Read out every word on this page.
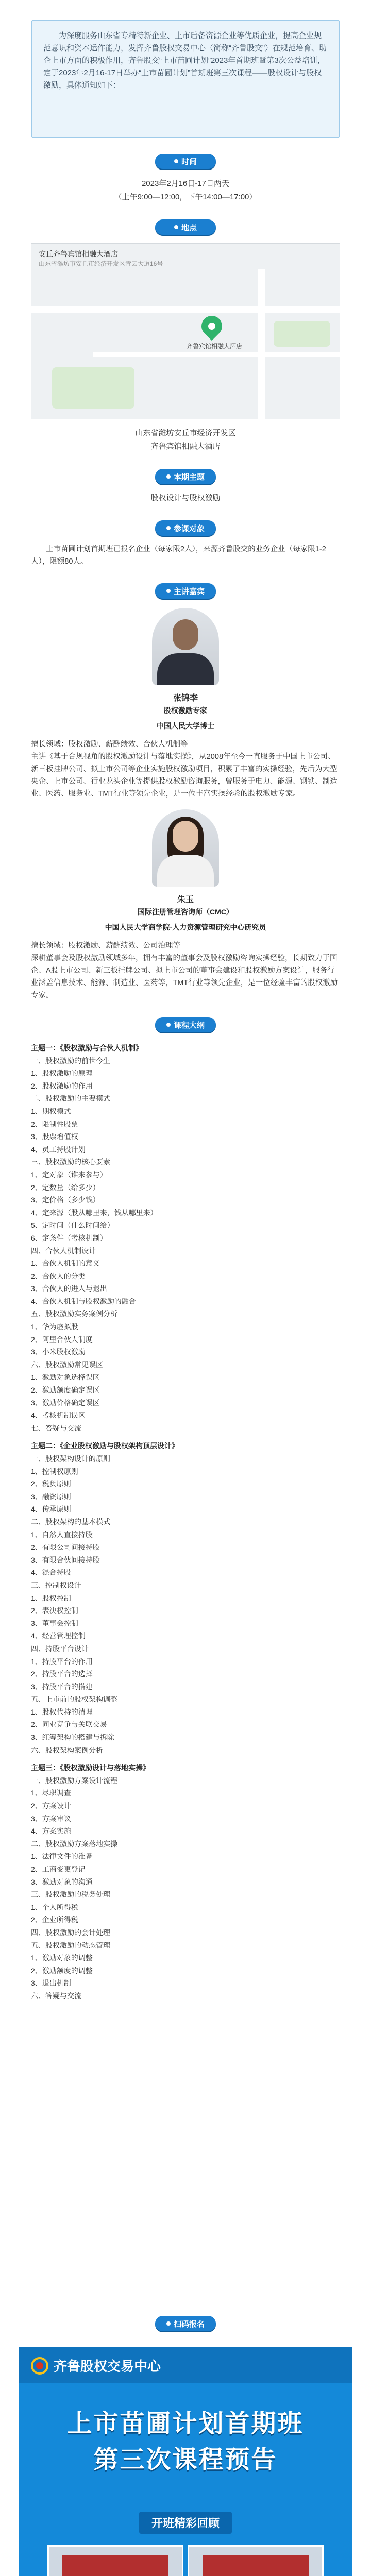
为深度服务山东省专精特新企业、上市后备资源企业等优质企业，提高企业规范意识和资本运作能力，发挥齐鲁股权交易中心（简称“齐鲁股交”）在规范培育、助企上市方面的积极作用，齐鲁股交“上市苗圃计划”2023年首期班暨第3次公益培训，定于2023年2月16-17日举办“上市苗圃计划”首期班第三次课程——股权设计与股权激励，具体通知如下：
时间
2023年2月16日-17日两天
（上午9:00—12:00，下午14:00—17:00）
地点
安丘齐鲁宾馆相融大酒店
山东省潍坊市安丘市经济开发区青云大道16号
齐鲁宾馆相融大酒店
山东省潍坊安丘市经济开发区
齐鲁宾馆相融大酒店
本期主题
股权设计与股权激励
参课对象
上市苗圃计划首期班已报名企业（每家限2人），来源齐鲁股交的业务企业（每家限1-2人），限额80人。
主讲嘉宾
张锦李
股权激励专家
中国人民大学博士
擅长领域：股权激励、薪酬绩效、合伙人机制等
主讲《基于合规视角的股权激励设计与落地实操》，从2008年至今一直服务于中国上市公司、新三板挂牌公司、拟上市公司等企业实施股权激励项目，积累了丰富的实操经验，先后为大型央企、上市公司、行业龙头企业等提供股权激励咨询服务，曾服务于电力、能源、钢铁、制造业、医药、服务业、TMT行业等领先企业，是一位丰富实操经验的股权激励专家。
朱玉
国际注册管理咨询师（CMC）
中国人民大学商学院·人力资源管理研究中心研究员
擅长领域：股权激励、薪酬绩效、公司治理等
深耕董事会及股权激励领域多年，拥有丰富的董事会及股权激励咨询实操经验，长期致力于国企、A股上市公司、新三板挂牌公司、拟上市公司的董事会建设和股权激励方案设计，服务行业涵盖信息技术、能源、制造业、医药等，TMT行业等领先企业，是一位经验丰富的股权激励专家。
课程大纲
主题一：《股权激励与合伙人机制》
一、股权激励的前世今生
1、股权激励的原理
2、股权激励的作用
二、股权激励的主要模式
1、期权模式
2、限制性股票
3、股票增值权
4、员工持股计划
三、股权激励的核心要素
1、定对象（谁来参与）
2、定数量（给多少）
3、定价格（多少钱）
4、定来源（股从哪里来，钱从哪里来）
5、定时间（什么时间给）
6、定条件（考核机制）
四、合伙人机制设计
1、合伙人机制的意义
2、合伙人的分类
3、合伙人的进入与退出
4、合伙人机制与股权激励的融合
五、股权激励实务案例分析
1、华为虚拟股
2、阿里合伙人制度
3、小米股权激励
六、股权激励常见误区
1、激励对象选择误区
2、激励额度确定误区
3、激励价格确定误区
4、考核机制误区
七、答疑与交流
主题二：《企业股权激励与股权架构顶层设计》
一、股权架构设计的原则
1、控制权原则
2、税负原则
3、融资原则
4、传承原则
二、股权架构的基本模式
1、自然人直接持股
2、有限公司间接持股
3、有限合伙间接持股
4、混合持股
三、控制权设计
1、股权控制
2、表决权控制
3、董事会控制
4、经营管理控制
四、持股平台设计
1、持股平台的作用
2、持股平台的选择
3、持股平台的搭建
五、上市前的股权架构调整
1、股权代持的清理
2、同业竞争与关联交易
3、红筹架构的搭建与拆除
六、股权架构案例分析
主题三：《股权激励设计与落地实操》
一、股权激励方案设计流程
1、尽职调查
2、方案设计
3、方案审议
4、方案实施
二、股权激励方案落地实操
1、法律文件的准备
2、工商变更登记
3、激励对象的沟通
三、股权激励的税务处理
1、个人所得税
2、企业所得税
四、股权激励的会计处理
五、股权激励的动态管理
1、激励对象的调整
2、激励额度的调整
3、退出机制
六、答疑与交流
扫码报名
齐鲁股权交易中心
上市苗圃计划首期班
第三次课程预告
开班精彩回顾
